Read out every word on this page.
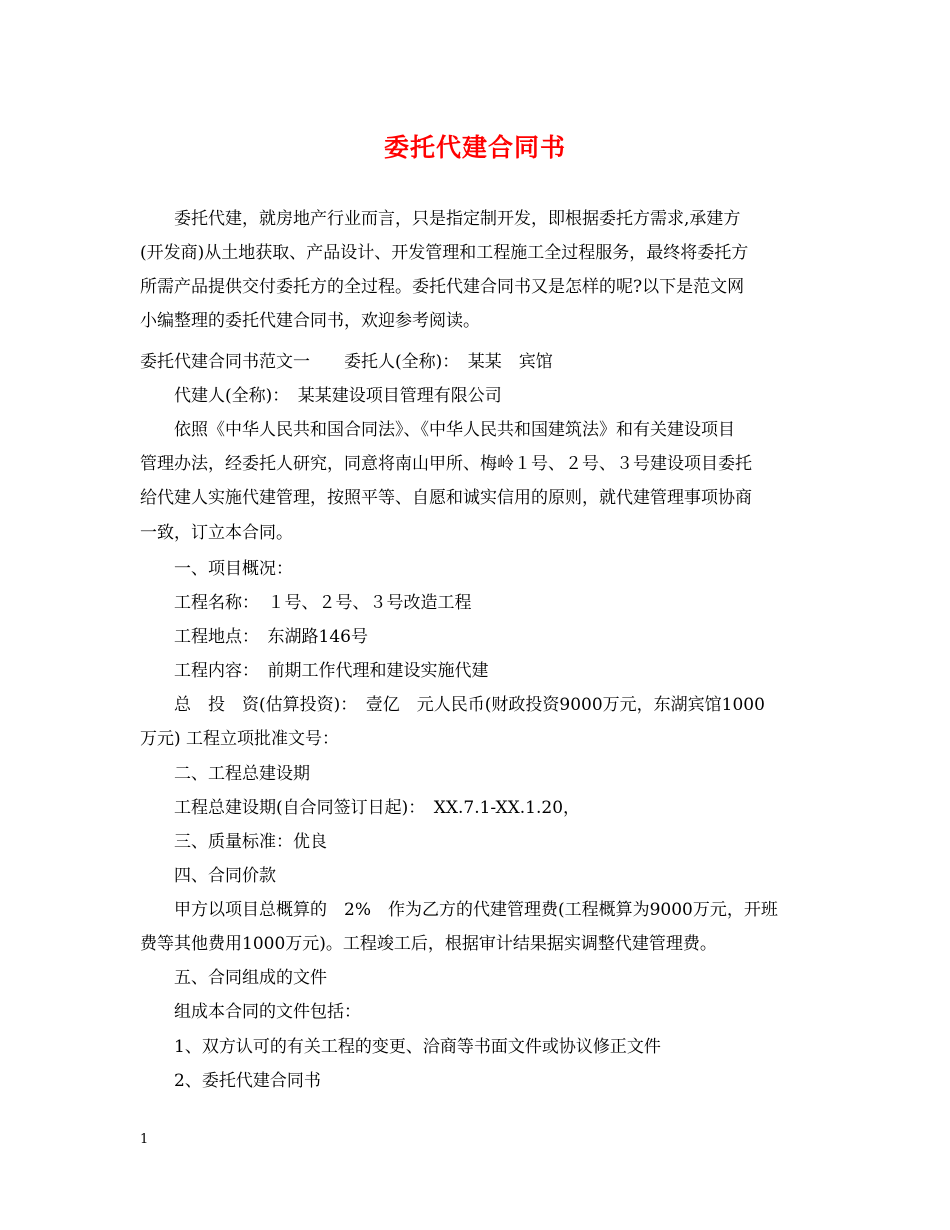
委托代建合同书
　　委托代建，就房地产行业而言，只是指定制开发，即根据委托方需求,承建方
(开发商)从土地获取、产品设计、开发管理和工程施工全过程服务，最终将委托方
所需产品提供交付委托方的全过程。委托代建合同书又是怎样的呢?以下是范文网
小编整理的委托代建合同书，欢迎参考阅读。
委托代建合同书范文一　　委托人(全称)：　某某　宾馆
　　代建人(全称)：　某某建设项目管理有限公司
　　依照《中华人民共和国合同法》、《中华人民共和国建筑法》和有关建设项目
管理办法，经委托人研究，同意将南山甲所、梅岭１号、２号、３号建设项目委托
给代建人实施代建管理，按照平等、自愿和诚实信用的原则，就代建管理事项协商
一致，订立本合同。
　　一、项目概况：
　　工程名称：　１号、２号、３号改造工程
　　工程地点：　东湖路146号
　　工程内容：　前期工作代理和建设实施代建
　　总　投　资(估算投资)：　壹亿　元人民币(财政投资9000万元，东湖宾馆1000
万元) 工程立项批准文号：
　　二、工程总建设期
　　工程总建设期(自合同签订日起)：　XX.7.1-XX.1.20，
　　三、质量标准：优良
　　四、合同价款
　　甲方以项目总概算的　2%　作为乙方的代建管理费(工程概算为9000万元，开班
费等其他费用1000万元)。工程竣工后，根据审计结果据实调整代建管理费。
　　五、合同组成的文件
　　组成本合同的文件包括：
　　1、双方认可的有关工程的变更、洽商等书面文件或协议修正文件
　　2、委托代建合同书
1
